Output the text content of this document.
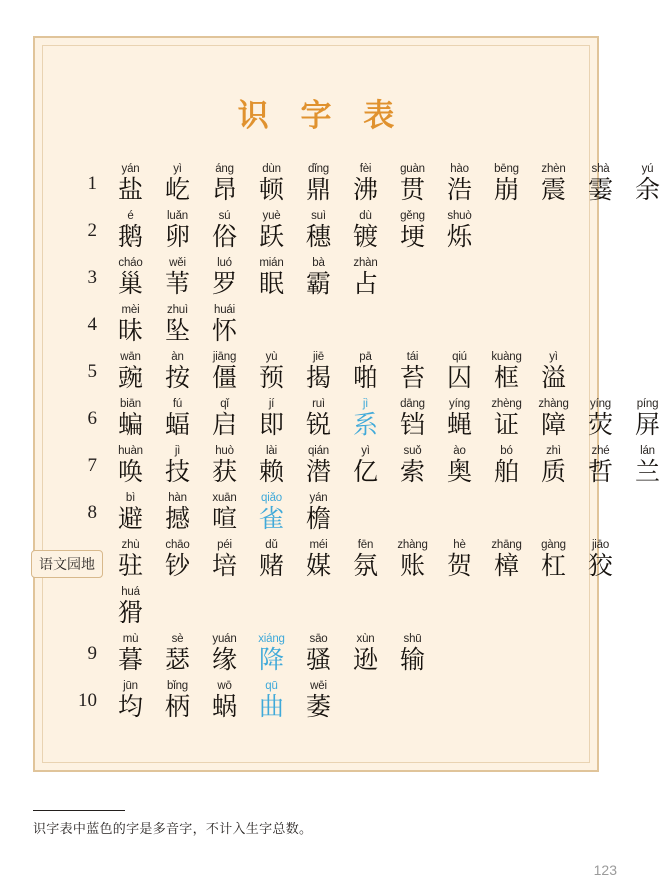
识 字 表
1
yán
盐
yì
屹
áng
昂
dùn
顿
dǐng
鼎
fèi
沸
guàn
贯
hào
浩
bēng
崩
zhèn
震
shà
霎
yú
余
2
é
鹅
luǎn
卵
sú
俗
yuè
跃
suì
穗
dù
镀
gěng
埂
shuò
烁
3
cháo
巢
wěi
苇
luó
罗
mián
眠
bà
霸
zhàn
占
4
mèi
昧
zhuì
坠
huái
怀
5
wān
豌
àn
按
jiāng
僵
yù
预
jiē
揭
pā
啪
tái
苔
qiú
囚
kuàng
框
yì
溢
6
biān
蝙
fú
蝠
qǐ
启
jí
即
ruì
锐
jì
系
dāng
铛
yíng
蝇
zhèng
证
zhàng
障
yíng
荧
píng
屏
7
huàn
唤
jì
技
huò
获
lài
赖
qián
潜
yì
亿
suǒ
索
ào
奥
bó
舶
zhì
质
zhé
哲
lán
兰
8
bì
避
hàn
撼
xuān
喧
qiǎo
雀
yán
檐
语文园地
zhù
驻
chāo
钞
péi
培
dǔ
赌
méi
媒
fēn
氛
zhàng
账
hè
贺
zhāng
樟
gàng
杠
jiāo
狡
huá
猾
9
mù
暮
sè
瑟
yuán
缘
xiáng
降
sāo
骚
xùn
逊
shū
输
10
jūn
均
bǐng
柄
wō
蜗
qū
曲
wēi
萎
识字表中蓝色的字是多音字，不计入生字总数。
123
